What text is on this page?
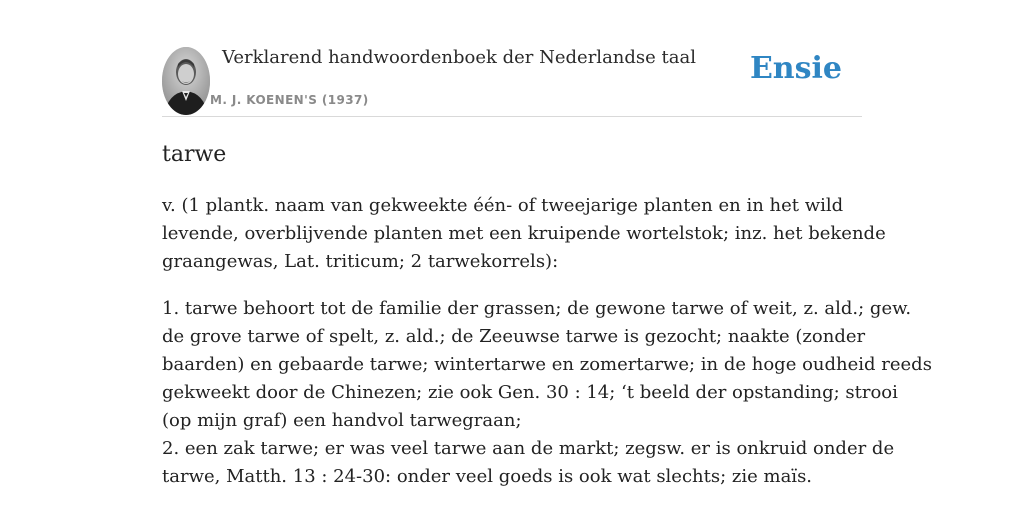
Verklarend handwoordenboek der Nederlandse taal
M. J. KOENEN'S (1937)
Ensie
tarwe
v. (1 plantk. naam van gekweekte één- of tweejarige planten en in het wild
levende, overblijvende planten met een kruipende wortelstok; inz. het bekende
graangewas, Lat. triticum; 2 tarwekorrels):
1. tarwe behoort tot de familie der grassen; de gewone tarwe of weit, z. ald.; gew.
de grove tarwe of spelt, z. ald.; de Zeeuwse tarwe is gezocht; naakte (zonder
baarden) en gebaarde tarwe; wintertarwe en zomertarwe; in de hoge oudheid reeds
gekweekt door de Chinezen; zie ook Gen. 30 : 14; ‘t beeld der opstanding; strooi
(op mijn graf) een handvol tarwegraan;
2. een zak tarwe; er was veel tarwe aan de markt; zegsw. er is onkruid onder de
tarwe, Matth. 13 : 24-30: onder veel goeds is ook wat slechts; zie maïs.
